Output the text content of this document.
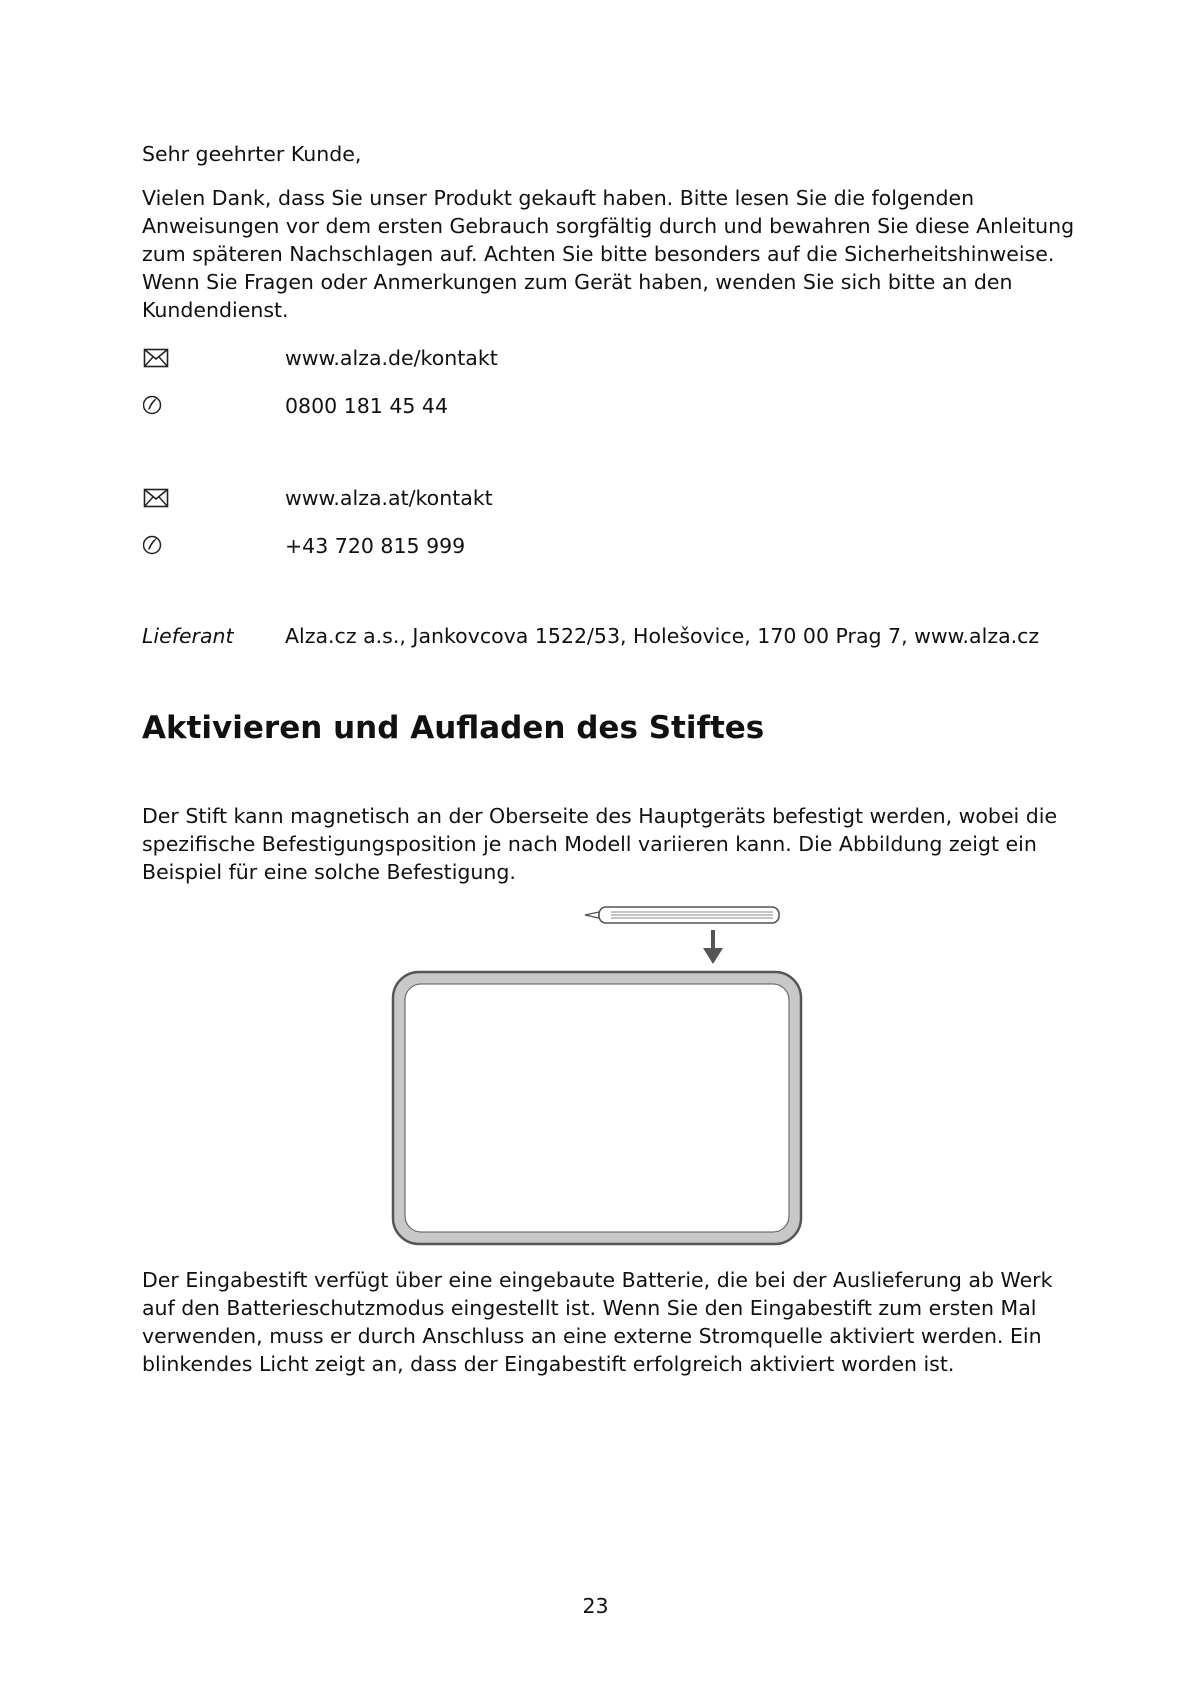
Sehr geehrter Kunde,

Vielen Dank, dass Sie unser Produkt gekauft haben. Bitte lesen Sie die folgenden

Anweisungen vor dem ersten Gebrauch sorgfältig durch und bewahren Sie diese Anleitung

zum späteren Nachschlagen auf. Achten Sie bitte besonders auf die Sicherheitshinweise.

Wenn Sie Fragen oder Anmerkungen zum Gerät haben, wenden Sie sich bitte an den

Kundendienst.

www.alza.de/kontakt

0800 181 45 44

www.alza.at/kontakt

+43 720 815 999

Lieferant	Alza.cz a.s., Jankovcova 1522/53, Holešovice, 170 00 Prag 7, www.alza.cz

Aktivieren und Aufladen des Stiftes

Der Stift kann magnetisch an der Oberseite des Hauptgeräts befestigt werden, wobei die

spezifische Befestigungsposition je nach Modell variieren kann. Die Abbildung zeigt ein

Beispiel für eine solche Befestigung.

Der Eingabestift verfügt über eine eingebaute Batterie, die bei der Auslieferung ab Werk

auf den Batterieschutzmodus eingestellt ist. Wenn Sie den Eingabestift zum ersten Mal

verwenden, muss er durch Anschluss an eine externe Stromquelle aktiviert werden. Ein

blinkendes Licht zeigt an, dass der Eingabestift erfolgreich aktiviert worden ist.

23
